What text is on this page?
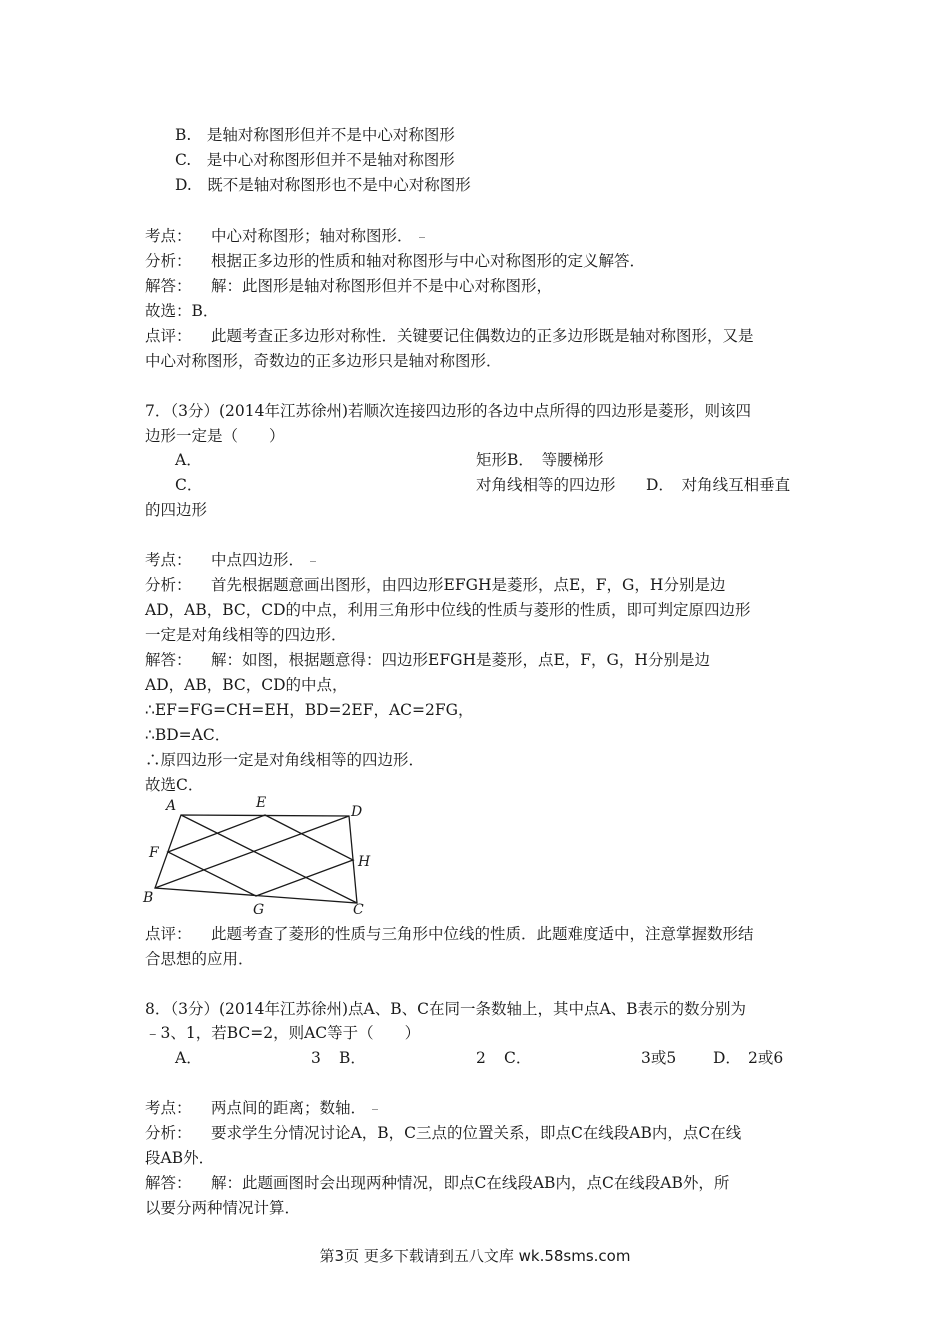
B.　是轴对称图形但并不是中心对称图形
C.　是中心对称图形但并不是轴对称图形
D.　既不是轴对称图形也不是中心对称图形
考点： 中心对称图形；轴对称图形．
分析： 根据正多边形的性质和轴对称图形与中心对称图形的定义解答．
解答： 解：此图形是轴对称图形但并不是中心对称图形，
故选：B．
点评： 此题考查正多边形对称性．关键要记住偶数边的正多边形既是轴对称图形，又是
中心对称图形，奇数边的正多边形只是轴对称图形．
7．（3分）(2014年江苏徐州)若顺次连接四边形的各边中点所得的四边形是菱形，则该四
边形一定是（　　）
A．	矩形B．　等腰梯形
C．	对角线相等的四边形 D．　对角线互相垂直
的四边形
考点： 中点四边形．
分析： 首先根据题意画出图形，由四边形EFGH是菱形，点E，F，G，H分别是边
AD，AB，BC，CD的中点，利用三角形中位线的性质与菱形的性质，即可判定原四边形
一定是对角线相等的四边形．
解答： 解：如图，根据题意得：四边形EFGH是菱形，点E，F，G，H分别是边
AD，AB，BC，CD的中点，
∴EF=FG=CH=EH，BD=2EF，AC=2FG，
∴BD=AC．
∴原四边形一定是对角线相等的四边形．
故选C．
A	E
D
F
H
B
G	C
点评： 此题考查了菱形的性质与三角形中位线的性质．此题难度适中，注意掌握数形结
合思想的应用．
8．（3分）(2014年江苏徐州)点A、B、C在同一条数轴上，其中点A、B表示的数分别为
﹣3、1，若BC=2，则AC等于（　　）
A．	3 B．	2 C．	3或5 D． 2或6
考点： 两点间的距离；数轴．
分析： 要求学生分情况讨论A，B，C三点的位置关系，即点C在线段AB内，点C在线
段AB外．
解答： 解：此题画图时会出现两种情况，即点C在线段AB内，点C在线段AB外，所
以要分两种情况计算．
第3页 更多下载请到五八文库 wk.58sms.com
